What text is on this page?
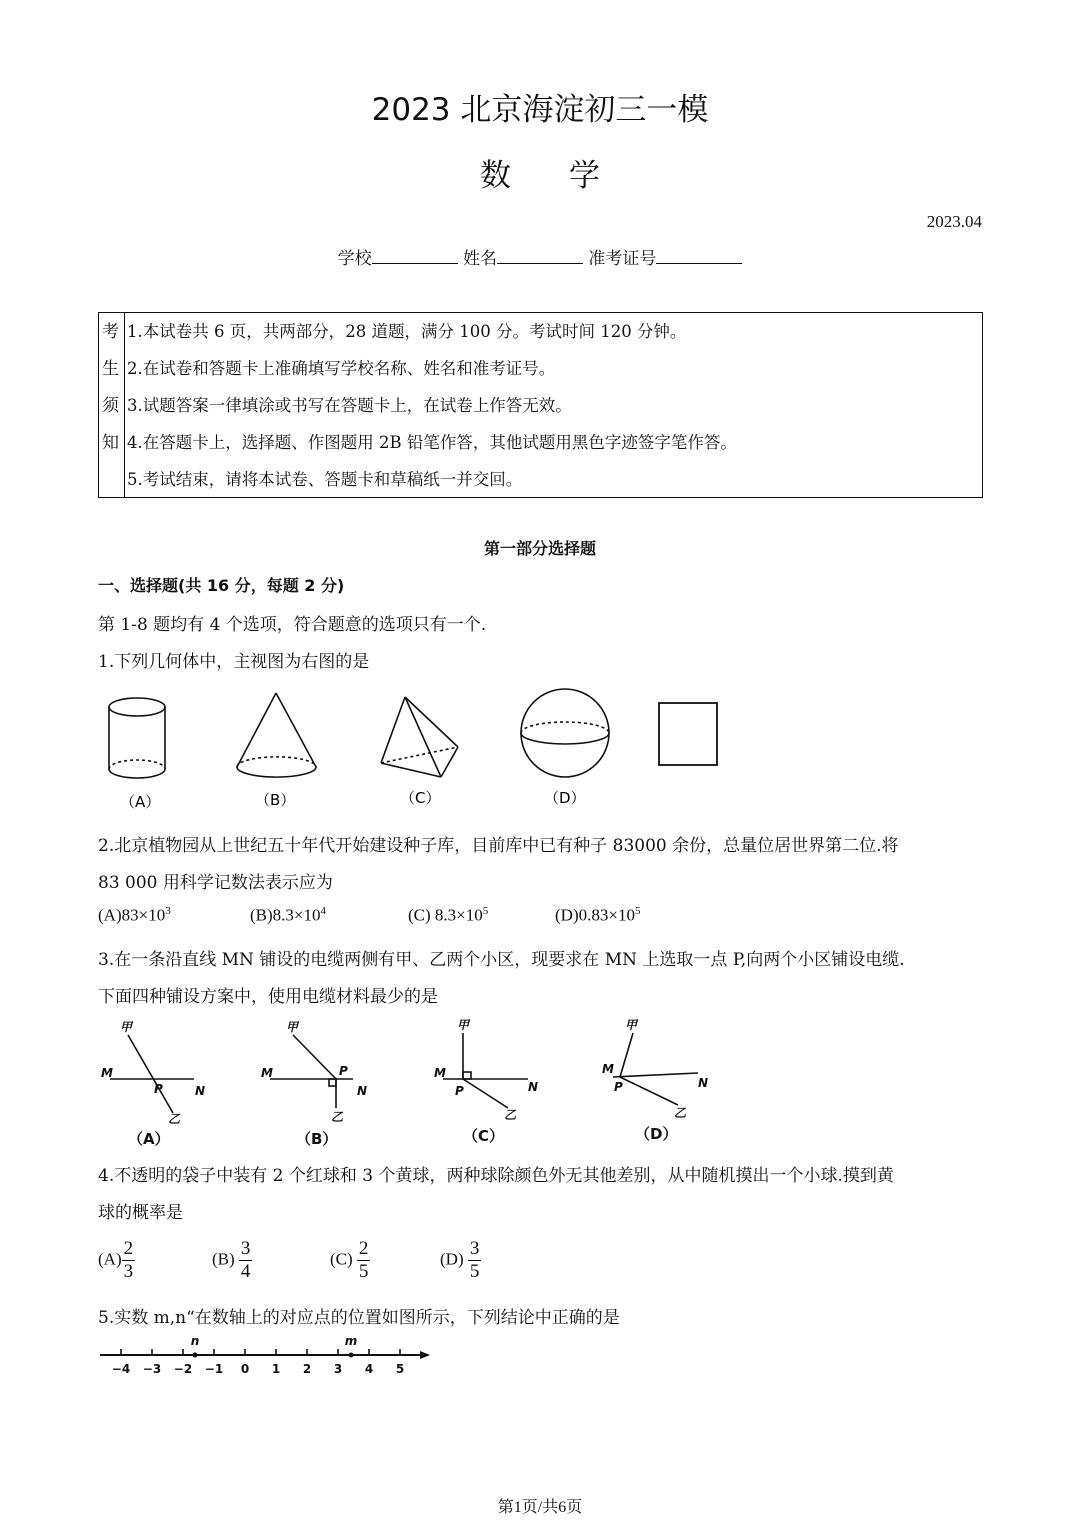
2023 北京海淀初三一模
数学
2023.04
学校	姓名	准考证号
考
生
须
知
1.本试卷共 6 页，共两部分，28 道题，满分 100 分。考试时间 120 分钟。
2.在试卷和答题卡上准确填写学校名称、姓名和准考证号。
3.试题答案一律填涂或书写在答题卡上，在试卷上作答无效。
4.在答题卡上，选择题、作图题用 2B 铅笔作答，其他试题用黑色字迹签字笔作答。
5.考试结束，请将本试卷、答题卡和草稿纸一并交回。
第一部分选择题
一、选择题(共 16 分，每题 2 分)
第 1-8 题均有 4 个选项，符合题意的选项只有一个.
1.下列几何体中，主视图为右图的是
（A）	（B）	（C）	（D）
2.北京植物园从上世纪五十年代开始建设种子库，目前库中已有种子 83000 余份，总量位居世界第二位.将
83 000 用科学记数法表示应为
$(A)83\times 10^3$	$(B)8.3\times 10^4$	(C) $8.3\times 10^5$	$(D)0.83\times 10^5$
3.在一条沿直线 MN 铺设的电缆两侧有甲、乙两个小区，现要求在 MN 上选取一点 P,向两个小区铺设电缆.
下面四种铺设方案中，使用电缆材料最少的是
甲
M
P	N
乙
甲
M	P
N
乙
甲
M
P	N
乙
甲
M
P	N
乙
（A）	（B）	（C）	（D）
4.不透明的袋子中装有 2 个红球和 3 个黄球，两种球除颜色外无其他差别，从中随机摸出一个小球.摸到黄
球的概率是
$(A) \frac{2}{3}$	$(B) \frac{3}{4}$	$(C) \frac{2}{5}$	$(D) \frac{3}{5}$
5.实数 m,n“在数轴上的对应点的位置如图所示，下列结论中正确的是
−4 −3 −2 −1 0 1 2 3 4 5
n	m
第1页/共6页
